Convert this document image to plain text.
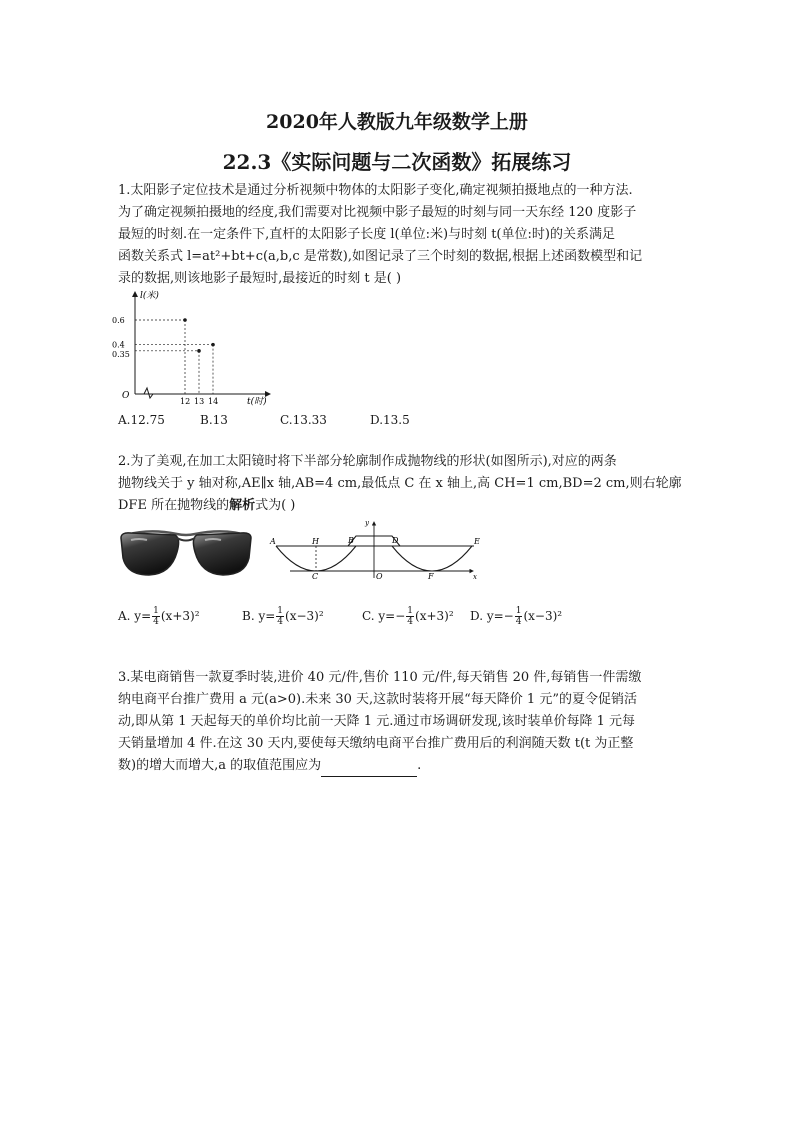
2020年人教版九年级数学上册
22.3《实际问题与二次函数》拓展练习
1.太阳影子定位技术是通过分析视频中物体的太阳影子变化,确定视频拍摄地点的一种方法.
为了确定视频拍摄地的经度,我们需要对比视频中影子最短的时刻与同一天东经 120 度影子
最短的时刻.在一定条件下,直杆的太阳影子长度 l(单位:米)与时刻 t(单位:时)的关系满足
函数关系式 l=at²+bt+c(a,b,c 是常数),如图记录了三个时刻的数据,根据上述函数模型和记
录的数据,则该地影子最短时,最接近的时刻 t 是( )
l(米)
t(时)
O
0.6
0.4
0.35
12 13 14
A.12.75	B.13	C.13.33	D.13.5
2.为了美观,在加工太阳镜时将下半部分轮廓制作成抛物线的形状(如图所示),对应的两条
抛物线关于 y 轴对称,AE∥x 轴,AB=4 cm,最低点 C 在 x 轴上,高 CH=1 cm,BD=2 cm,则右轮廓
DFE 所在抛物线的解析式为( )
A	H	B	D	E
C	O	F	x
y
A. $y= \frac{1}{4} (x+3)^2$	B. $y= \frac{1}{4} (x-3)^2$	C. $y=- \frac{1}{4} (x+3)^2$ D. $y=- \frac{1}{4} (x-3)^2$
3.某电商销售一款夏季时装,进价 40 元/件,售价 110 元/件,每天销售 20 件,每销售一件需缴
纳电商平台推广费用 a 元(a>0).未来 30 天,这款时装将开展“每天降价 1 元”的夏令促销活
动,即从第 1 天起每天的单价均比前一天降 1 元.通过市场调研发现,该时装单价每降 1 元每
天销量增加 4 件.在这 30 天内,要使每天缴纳电商平台推广费用后的利润随天数 t(t 为正整
数)的增大而增大,a 的取值范围应为	.
